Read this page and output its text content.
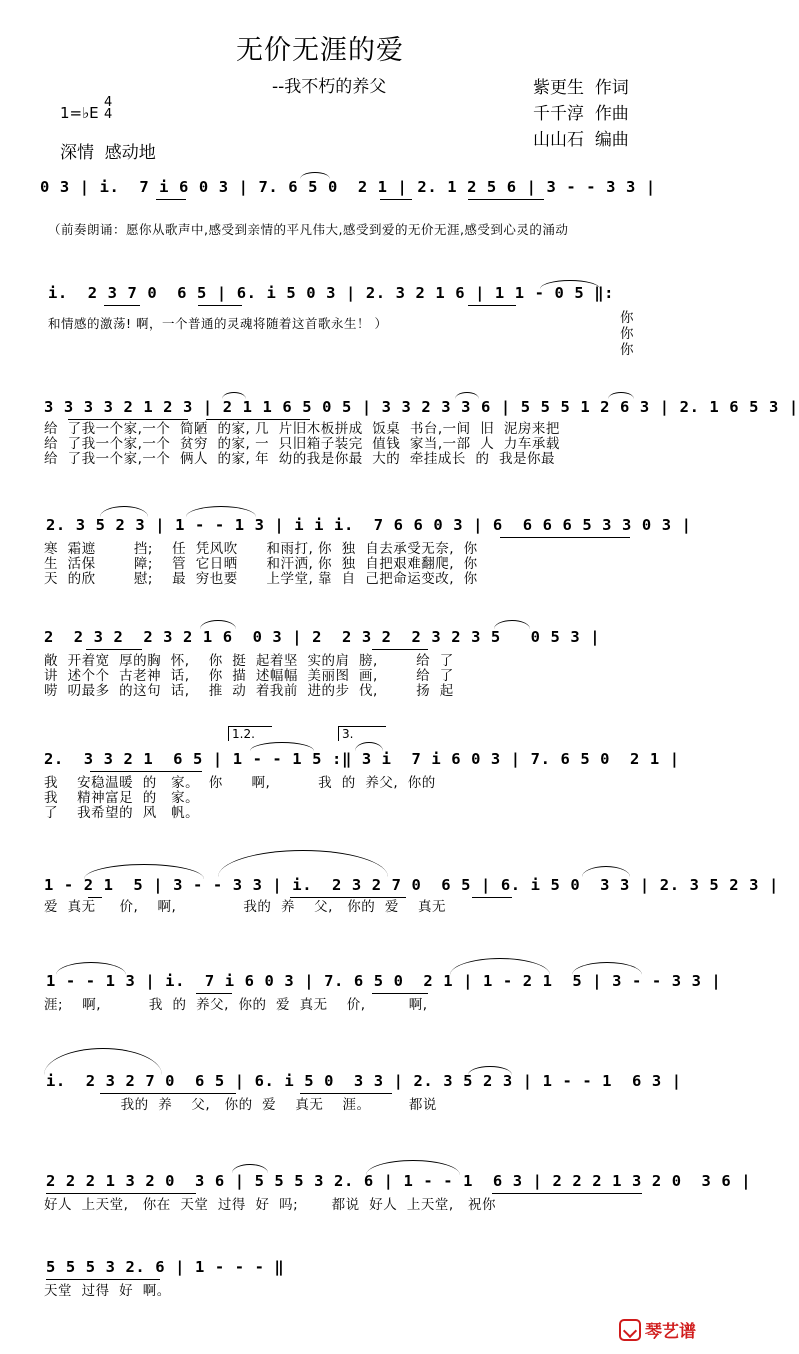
无价无涯的爱
--我不朽的养父
1=♭E
4
4
深情  感动地
紫更生 作词
千千淳 作曲
山山石 编曲
0 3 | i.  7 i 6 0 3 | 7. 6 5 0  2 1 | 2. 1 2 5 6 | 3 - - 3 3 |
（前奏朗诵：愿你从歌声中,感受到亲情的平凡伟大,感受到爱的无价无涯,感受到心灵的涌动
i.  2 3 7 0  6 5 | 6. i 5 0 3 | 2. 3 2 1 6 | 1 1 - 0 5 ‖:
和情感的激荡! 啊，一个普通的灵魂将随着这首歌永生！ ）	你
你
你
3 3 3 3 2 1 2 3 | 2 1 1 6 5 0 5 | 3 3 2 3 3 6 | 5 5 5 1 2 6 3 | 2. 1 6 5 3 |
给  了我一个家,一个  简陋  的家, 几  片旧木板拼成  饭桌  书台,一间  旧  泥房来把
给  了我一个家,一个  贫穷  的家, 一  只旧箱子装完  值钱  家当,一部  人  力车承载
给  了我一个家,一个  俩人  的家, 年  幼的我是你最  大的  牵挂成长  的  我是你最
2. 3 5 2 3 | 1 - - 1 3 | i i i.  7 6 6 0 3 | 6  6 6 6 5 3 3 0 3 |
寒  霜遮        挡;    任  凭风吹      和雨打, 你  独  自去承受无奈,  你
生  活保        障;    管  它日晒      和汗洒, 你  独  自把艰难翻爬,  你
天  的欣        慰;    最  穷也要      上学堂, 靠  自  己把命运变改,  你
2  2 3 2  2 3 2 1 6  0 3 | 2  2 3 2  2 3 2 3 5   0 5 3 |
敞  开着宽  厚的胸  怀,    你  挺  起着坚  实的肩  膀,        给  了
讲  述个个  古老神  话,    你  描  述幅幅  美丽图  画,        给  了
唠  叨最多  的这句  话,    推  动  着我前  进的步  伐,        扬  起
1.2.	3.
2.  3 3 2 1  6 5 | 1 - - 1 5 :‖ 3 i  7 i 6 0 3 | 7. 6 5 0  2 1 |
我    安稳温暖  的   家。  你      啊,          我  的  养父,  你的
我    精神富足  的   家。
了    我希望的  风   帆。
1 - 2 1  5 | 3 - - 3 3 | i.  2 3 2 7 0  6 5 | 6. i 5 0  3 3 | 2. 3 5 2 3 |
爱  真无     价,    啊,              我的  养    父,   你的  爱    真无
1 - - 1 3 | i.  7 i 6 0 3 | 7. 6 5 0  2 1 | 1 - 2 1  5 | 3 - - 3 3 |
涯;    啊,          我  的  养父,  你的  爱  真无    价,         啊,
i.  2 3 2 7 0  6 5 | 6. i 5 0  3 3 | 2. 3 5 2 3 | 1 - - 1  6 3 |
我的  养    父,   你的  爱    真无    涯。        都说
2 2 2 1 3 2 0  3 6 | 5 5 5 3 2. 6 | 1 - - 1  6 3 | 2 2 2 1 3 2 0  3 6 |
好人  上天堂,   你在  天堂  过得  好  吗;       都说  好人  上天堂,   祝你
5 5 5 3 2. 6 | 1 - - - ‖
天堂  过得  好  啊。
琴艺谱
